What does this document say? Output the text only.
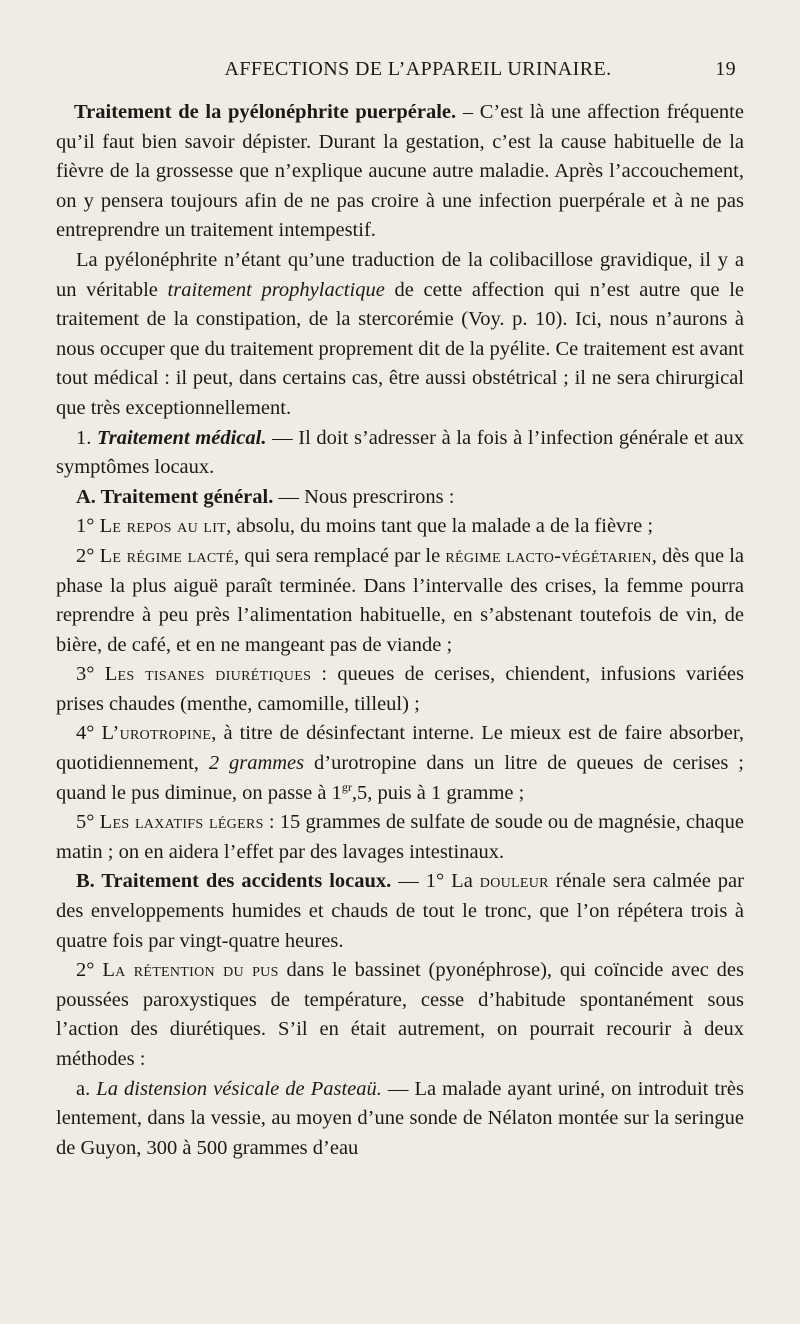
AFFECTIONS DE L’APPAREIL URINAIRE.	19

Traitement de la pyélonéphrite puerpérale. – C’est là une affection fréquente qu’il faut bien savoir dépister. Durant la gestation, c’est la cause habituelle de la fièvre de la grossesse que n’explique aucune autre maladie. Après l’accouchement, on y pensera toujours afin de ne pas croire à une infection puerpérale et à ne pas entreprendre un traitement intempestif.

La pyélonéphrite n’étant qu’une traduction de la colibacillose gravidique, il y a un véritable traitement prophylactique de cette affection qui n’est autre que le traitement de la constipation, de la stercorémie (Voy. p. 10). Ici, nous n’aurons à nous occuper que du traitement proprement dit de la pyélite. Ce traitement est avant tout médical : il peut, dans certains cas, être aussi obstétrical ; il ne sera chirurgical que très exceptionnellement.

1. Traitement médical. — Il doit s’adresser à la fois à l’infection générale et aux symptômes locaux.

A. Traitement général. — Nous prescrirons :

1° Le repos au lit, absolu, du moins tant que la malade a de la fièvre ;

2° Le régime lacté, qui sera remplacé par le régime lacto-végétarien, dès que la phase la plus aiguë paraît terminée. Dans l’intervalle des crises, la femme pourra reprendre à peu près l’alimentation habituelle, en s’abstenant toutefois de vin, de bière, de café, et en ne mangeant pas de viande ;

3° Les tisanes diurétiques : queues de cerises, chiendent, infusions variées prises chaudes (menthe, camomille, tilleul) ;

4° L’urotropine, à titre de désinfectant interne. Le mieux est de faire absorber, quotidiennement, 2 grammes d’urotropine dans un litre de queues de cerises ; quand le pus diminue, on passe à $1^{gr},5$, puis à 1 gramme ;

5° Les laxatifs légers : 15 grammes de sulfate de soude ou de magnésie, chaque matin ; on en aidera l’effet par des lavages intestinaux.

B. Traitement des accidents locaux. — 1° La douleur rénale sera calmée par des enveloppements humides et chauds de tout le tronc, que l’on répétera trois à quatre fois par vingt-quatre heures.

2° La rétention du pus dans le bassinet (pyonéphrose), qui coïncide avec des poussées paroxystiques de température, cesse d’habitude spontanément sous l’action des diurétiques. S’il en était autrement, on pourrait recourir à deux méthodes :

a. La distension vésicale de Pasteaü. — La malade ayant uriné, on introduit très lentement, dans la vessie, au moyen d’une sonde de Nélaton montée sur la seringue de Guyon, 300 à 500 grammes d’eau
